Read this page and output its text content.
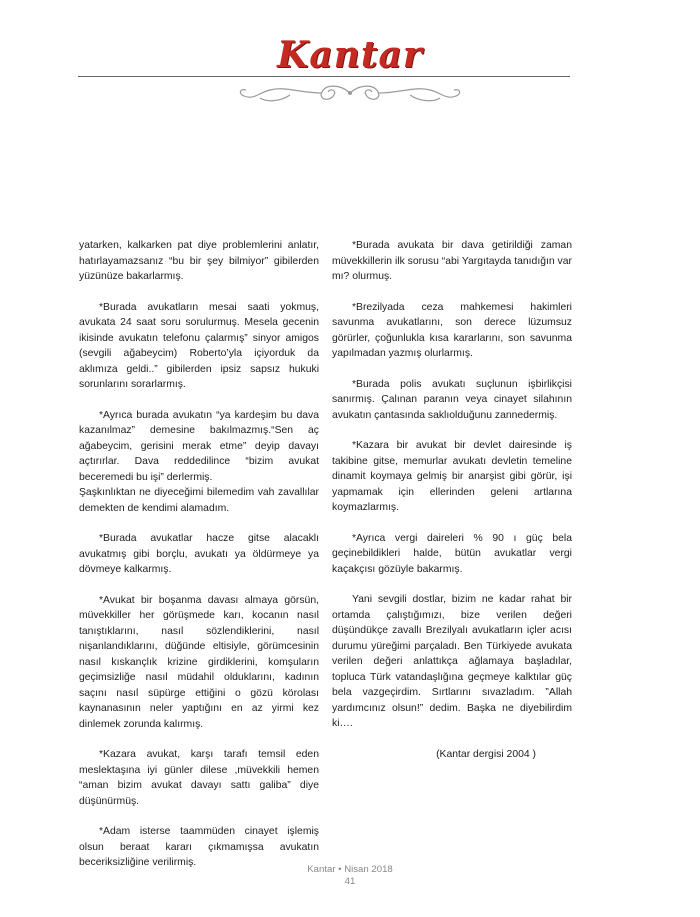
Kantar

yatarken, kalkarken pat diye problemlerini anlatır, hatırlayamazsanız “bu bir şey bilmiyor” gibilerden yüzünüze bakarlarmış.

*Burada avukatların mesai saati yokmuş, avukata 24 saat soru sorulurmuş. Mesela gecenin ikisinde avukatın telefonu çalarmış” sinyor amigos (sevgili ağabeycim) Roberto’yla içiyorduk da aklımıza geldi..” gibilerden ipsiz sapsız hukuki sorunlarını sorarlarmış.

*Ayrıca burada avukatın “ya kardeşim bu dava kazanılmaz” demesine bakılmazmış.“Sen aç ağabeycim, gerisini merak etme” deyip davayı açtırırlar. Dava reddedilince “bizim avukat beceremedi bu işi” derlermiş.

Şaşkınlıktan ne diyeceğimi bilemedim vah zavallılar demekten de kendimi alamadım.

*Burada avukatlar hacze gitse alacaklı avukatmış gibi borçlu, avukatı ya öldürmeye ya dövmeye kalkarmış.

*Avukat bir boşanma davası almaya görsün, müvekkiller her görüşmede karı, kocanın nasıl tanıştıklarını, nasıl sözlendiklerini, nasıl nişanlandıklarını, düğünde eltisiyle, görümcesinin nasıl kıskançlık krizine girdiklerini, komşuların geçimsizliğe nasıl müdahil olduklarını, kadının saçını nasıl süpürge ettiğini o gözü körolası kaynanasının neler yaptığını en az yirmi kez dinlemek zorunda kalırmış.

*Kazara avukat, karşı tarafı temsil eden meslektaşına iyi günler dilese ,müvekkili hemen “aman bizim avukat davayı sattı galiba” diye düşünürmüş.

*Adam isterse taammüden cinayet işlemiş olsun beraat kararı çıkmamışsa avukatın beceriksizliğine verilirmiş.

*Burada avukata bir dava getirildiği zaman müvekkillerin ilk sorusu “abi Yargıtayda tanıdığın var mı? olurmuş.

*Brezilyada ceza mahkemesi hakimleri savunma avukatlarını, son derece lüzumsuz görürler, çoğunlukla kısa kararlarını, son savunma yapılmadan yazmış olurlarmış.

*Burada polis avukatı suçlunun işbirlikçisi sanırmış. Çalınan paranın veya cinayet silahının avukatın çantasında saklıolduğunu zannedermiş.

*Kazara bir avukat bir devlet dairesinde iş takibine gitse, memurlar avukatı devletin temeline dinamit koymaya gelmiş bir anarşist gibi görür, işi yapmamak için ellerinden geleni artlarına koymazlarmış.

*Ayrıca vergi daireleri % 90 ı güç bela geçinebildikleri halde, bütün avukatlar vergi kaçakçısı gözüyle bakarmış.

Yani sevgili dostlar, bizim ne kadar rahat bir ortamda çalıştığımızı, bize verilen değeri düşündükçe zavallı Brezilyalı avukatların içler acısı durumu yüreğimi parçaladı. Ben Türkiyede avukata verilen değeri anlattıkça ağlamaya başladılar, topluca Türk vatandaşlığına geçmeye kalktılar güç bela vazgeçirdim. Sırtlarını sıvazladım. ”Allah yardımcınız olsun!” dedim. Başka ne diyebilirdim ki….

(Kantar dergisi 2004 )

Kantar • Nisan 2018
41
